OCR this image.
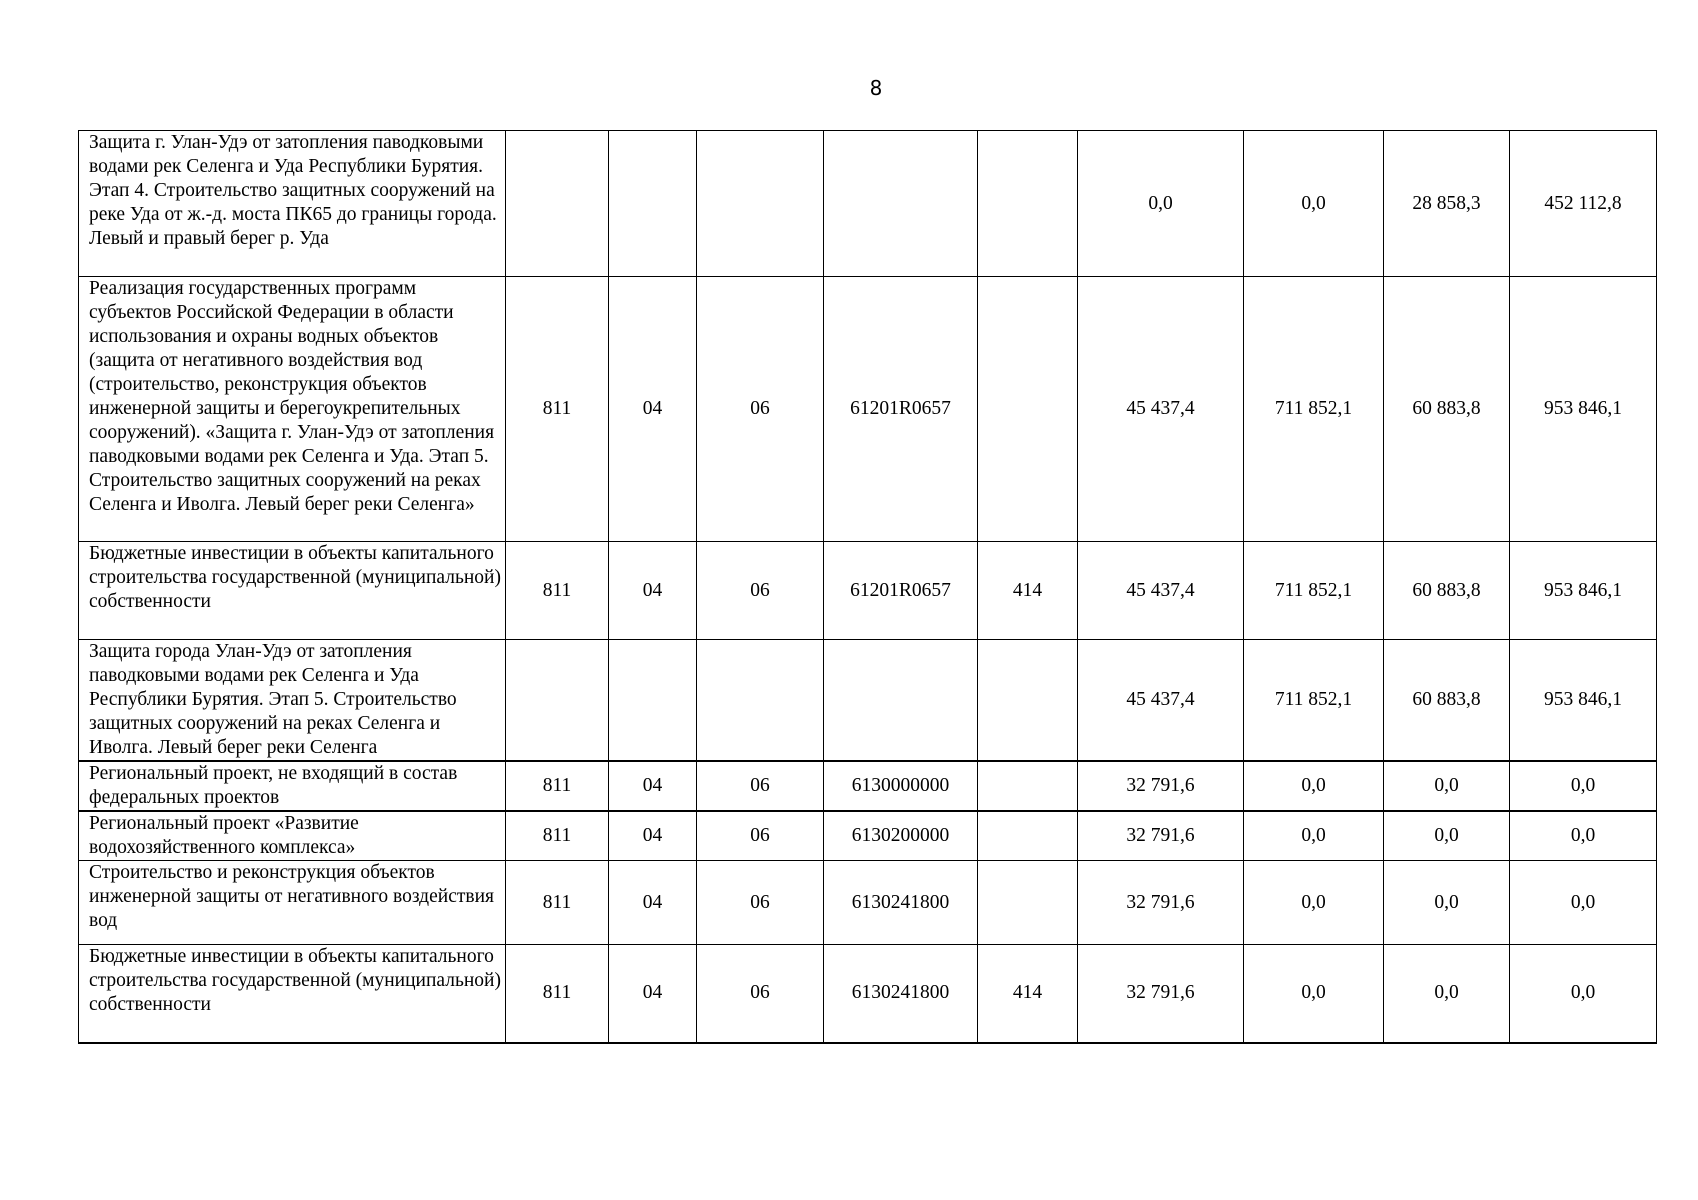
8
Защита г. Улан-Удэ от затопления паводковыми водами рек Селенга и Уда Республики Бурятия. Этап 4. Строительство защитных сооружений на реке Уда от ж.-д. моста ПК65 до границы города. Левый и правый берег р. Уда						0,0	0,0	28 858,3	452 112,8
Реализация государственных программ субъектов Российской Федерации в области использования и охраны водных объектов (защита от негативного воздействия вод (строительство, реконструкция объектов инженерной защиты и берегоукрепительных сооружений). «Защита г. Улан-Удэ от затопления паводковыми водами рек Селенга и Уда. Этап 5. Строительство защитных сооружений на реках Селенга и Иволга. Левый берег реки Селенга»	811	04	06	61201R0657		45 437,4	711 852,1	60 883,8	953 846,1
Бюджетные инвестиции в объекты капитального строительства государственной (муниципальной) собственности	811	04	06	61201R0657	414	45 437,4	711 852,1	60 883,8	953 846,1
Защита города Улан-Удэ от затопления паводковыми водами рек Селенга и Уда Республики Бурятия. Этап 5. Строительство защитных сооружений на реках Селенга и Иволга. Левый берег реки Селенга						45 437,4	711 852,1	60 883,8	953 846,1
Региональный проект, не входящий в состав федеральных проектов	811	04	06	6130000000		32 791,6	0,0	0,0	0,0
Региональный проект «Развитие водохозяйственного комплекса»	811	04	06	6130200000		32 791,6	0,0	0,0	0,0
Строительство и реконструкция объектов инженерной защиты от негативного воздействия вод	811	04	06	6130241800		32 791,6	0,0	0,0	0,0
Бюджетные инвестиции в объекты капитального строительства государственной (муниципальной) собственности	811	04	06	6130241800	414	32 791,6	0,0	0,0	0,0
